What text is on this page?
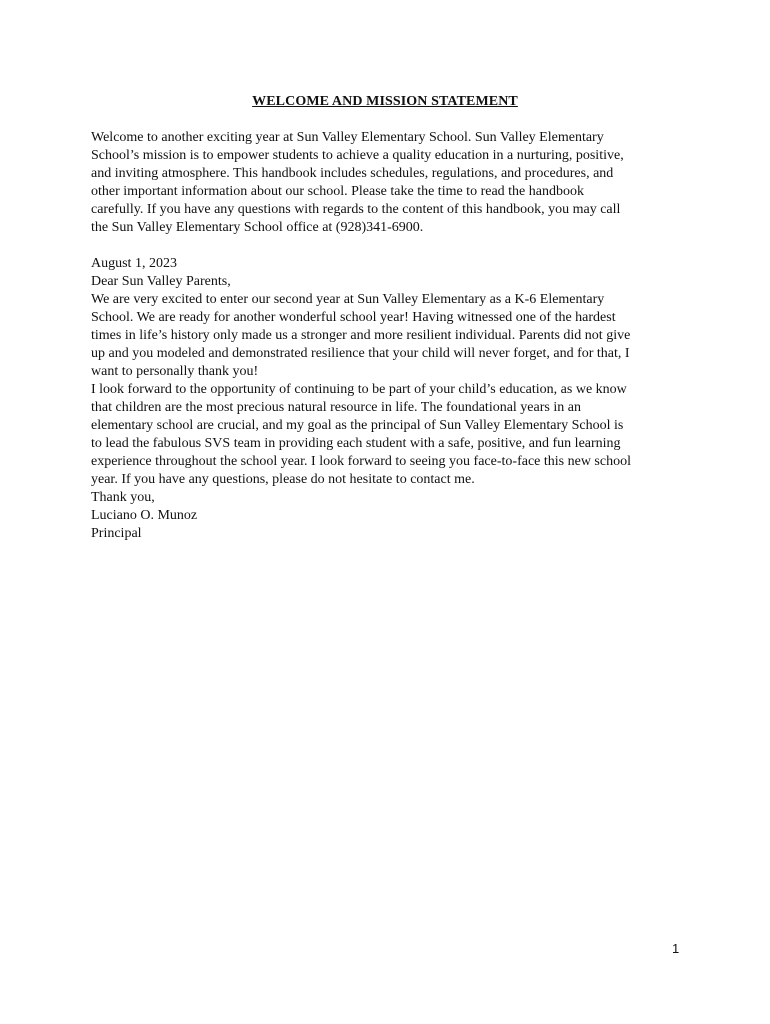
WELCOME AND MISSION STATEMENT
Welcome to another exciting year at Sun Valley Elementary School. Sun Valley Elementary
School’s mission is to empower students to achieve a quality education in a nurturing, positive,
and inviting atmosphere. This handbook includes schedules, regulations, and procedures, and
other important information about our school. Please take the time to read the handbook
carefully. If you have any questions with regards to the content of this handbook, you may call
the Sun Valley Elementary School office at (928)341-6900.
August 1, 2023
Dear Sun Valley Parents,
We are very excited to enter our second year at Sun Valley Elementary as a K-6 Elementary
School. We are ready for another wonderful school year! Having witnessed one of the hardest
times in life’s history only made us a stronger and more resilient individual. Parents did not give
up and you modeled and demonstrated resilience that your child will never forget, and for that, I
want to personally thank you!
I look forward to the opportunity of continuing to be part of your child’s education, as we know
that children are the most precious natural resource in life. The foundational years in an
elementary school are crucial, and my goal as the principal of Sun Valley Elementary School is
to lead the fabulous SVS team in providing each student with a safe, positive, and fun learning
experience throughout the school year. I look forward to seeing you face-to-face this new school
year. If you have any questions, please do not hesitate to contact me.
Thank you,
Luciano O. Munoz
Principal
1
